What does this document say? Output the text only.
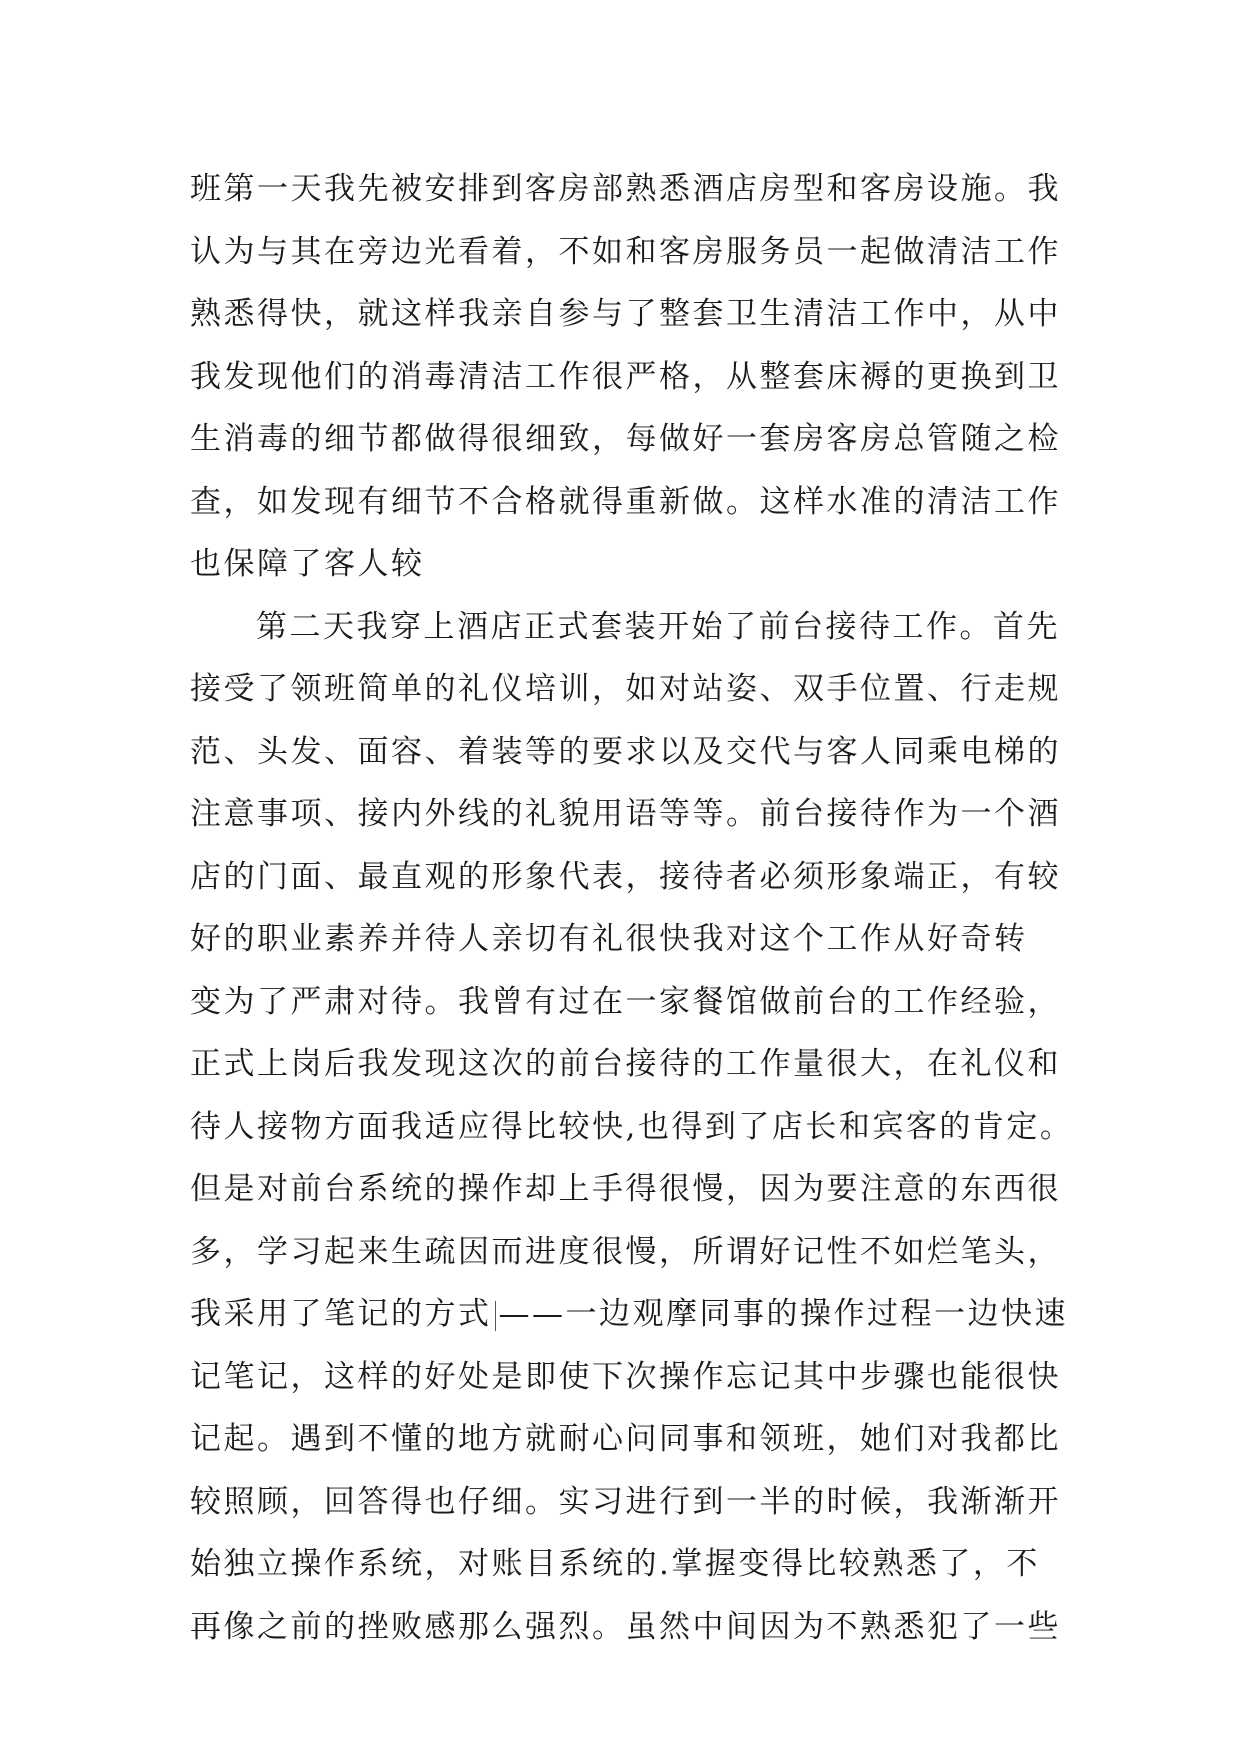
班第一天我先被安排到客房部熟悉酒店房型和客房设施。我
认为与其在旁边光看着，不如和客房服务员一起做清洁工作
熟悉得快，就这样我亲自参与了整套卫生清洁工作中，从中
我发现他们的消毒清洁工作很严格，从整套床褥的更换到卫
生消毒的细节都做得很细致，每做好一套房客房总管随之检
查，如发现有细节不合格就得重新做。这样水准的清洁工作
也保障了客人较
第二天我穿上酒店正式套装开始了前台接待工作。首先
接受了领班简单的礼仪培训，如对站姿、双手位置、行走规
范、头发、面容、着装等的要求以及交代与客人同乘电梯的
注意事项、接内外线的礼貌用语等等。前台接待作为一个酒
店的门面、最直观的形象代表，接待者必须形象端正，有较
好的职业素养并待人亲切有礼很快我对这个工作从好奇转
变为了严肃对待。我曾有过在一家餐馆做前台的工作经验，
正式上岗后我发现这次的前台接待的工作量很大，在礼仪和
待人接物方面我适应得比较快,也得到了店长和宾客的肯定。
但是对前台系统的操作却上手得很慢，因为要注意的东西很
多，学习起来生疏因而进度很慢，所谓好记性不如烂笔头，
我采用了笔记的方式 ——一边观摩同事的操作过程一边快速
记笔记，这样的好处是即使下次操作忘记其中步骤也能很快
记起。遇到不懂的地方就耐心问同事和领班，她们对我都比
较照顾，回答得也仔细。实习进行到一半的时候，我渐渐开
始独立操作系统，对账目系统的.掌握变得比较熟悉了，不
再像之前的挫败感那么强烈。虽然中间因为不熟悉犯了一些
